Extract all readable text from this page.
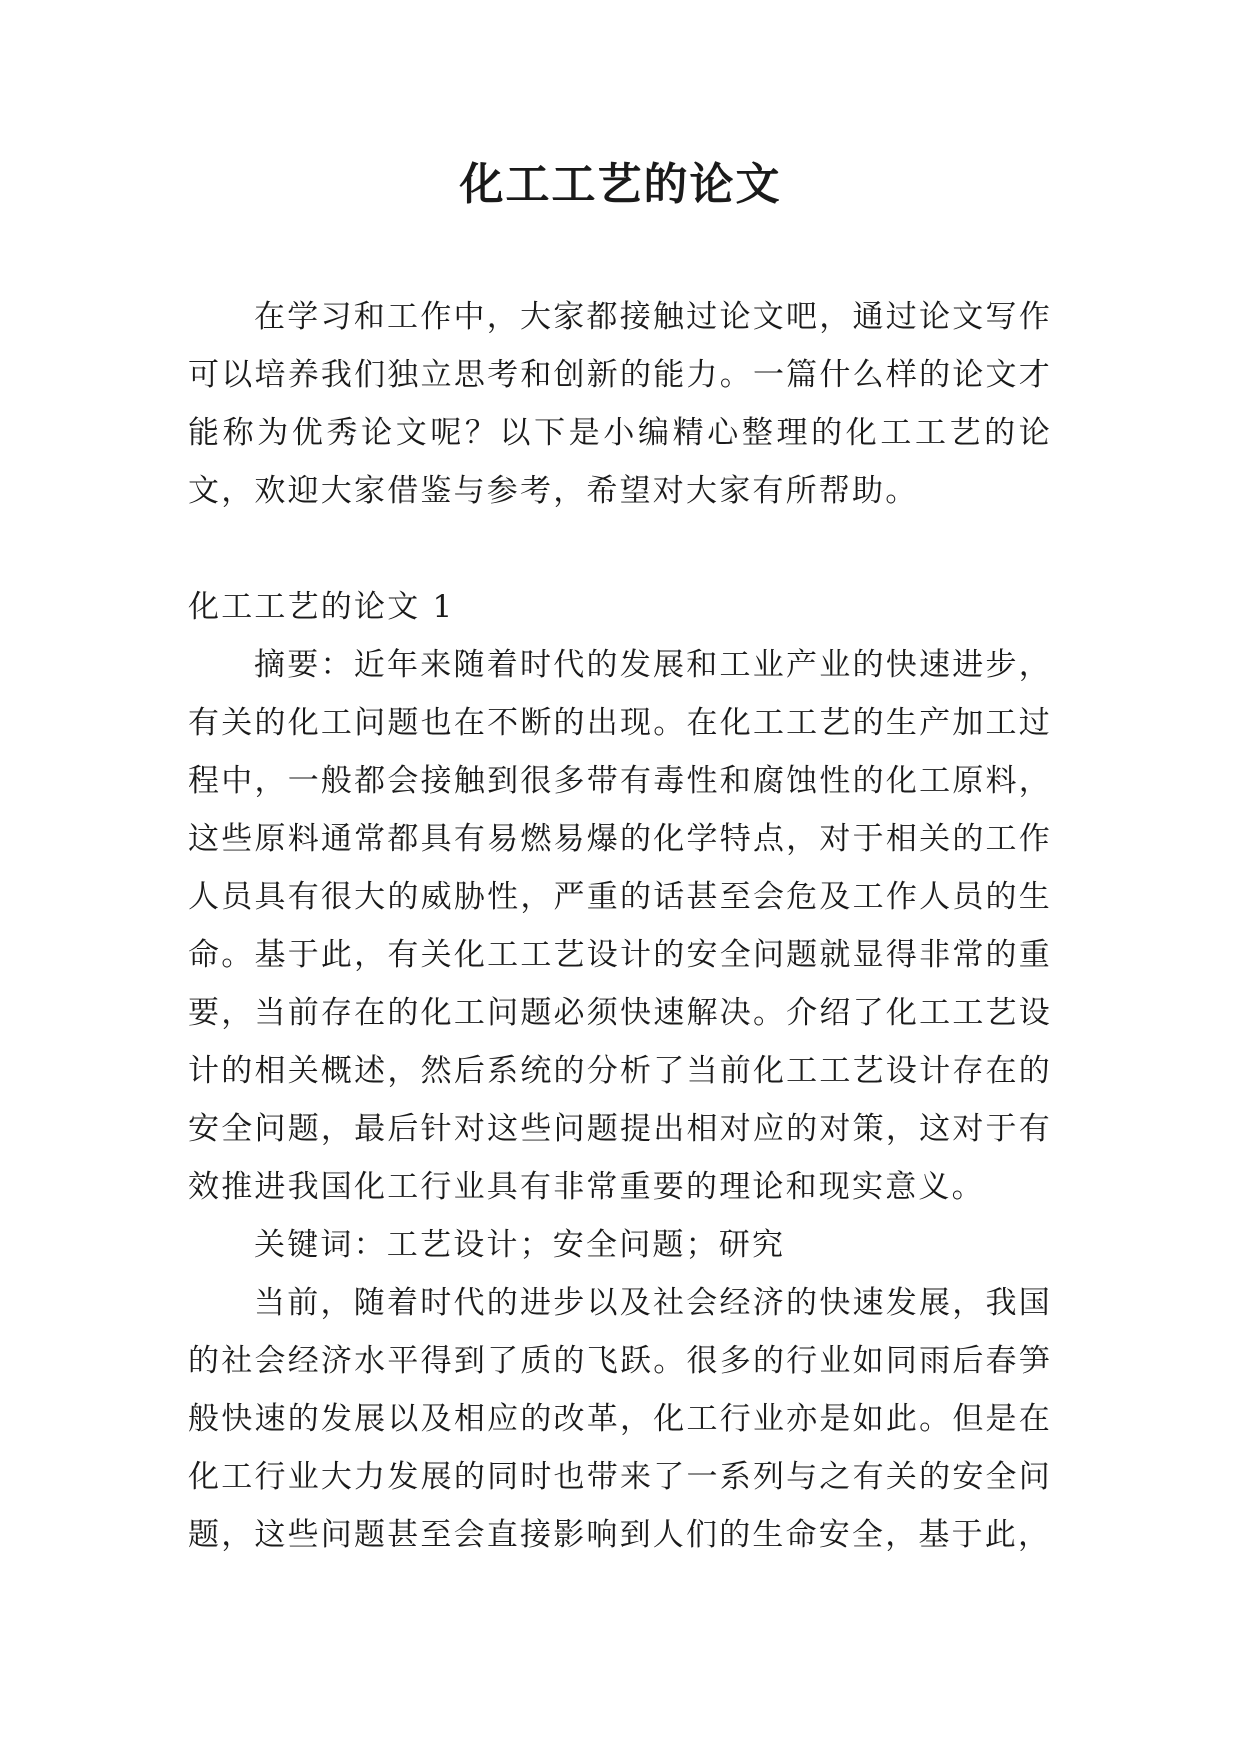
化工工艺的论文

在学习和工作中，大家都接触过论文吧，通过论文写作可以培养我们独立思考和创新的能力。一篇什么样的论文才能称为优秀论文呢？以下是小编精心整理的化工工艺的论文，欢迎大家借鉴与参考，希望对大家有所帮助。

化工工艺的论文 1

摘要：近年来随着时代的发展和工业产业的快速进步，有关的化工问题也在不断的出现。在化工工艺的生产加工过程中，一般都会接触到很多带有毒性和腐蚀性的化工原料，这些原料通常都具有易燃易爆的化学特点，对于相关的工作人员具有很大的威胁性，严重的话甚至会危及工作人员的生命。基于此，有关化工工艺设计的安全问题就显得非常的重要，当前存在的化工问题必须快速解决。介绍了化工工艺设计的相关概述，然后系统的分析了当前化工工艺设计存在的安全问题，最后针对这些问题提出相对应的对策，这对于有效推进我国化工行业具有非常重要的理论和现实意义。

关键词：工艺设计；安全问题；研究

当前，随着时代的进步以及社会经济的快速发展，我国的社会经济水平得到了质的飞跃。很多的行业如同雨后春笋般快速的发展以及相应的改革，化工行业亦是如此。但是在化工行业大力发展的同时也带来了一系列与之有关的安全问题，这些问题甚至会直接影响到人们的生命安全，基于此，
